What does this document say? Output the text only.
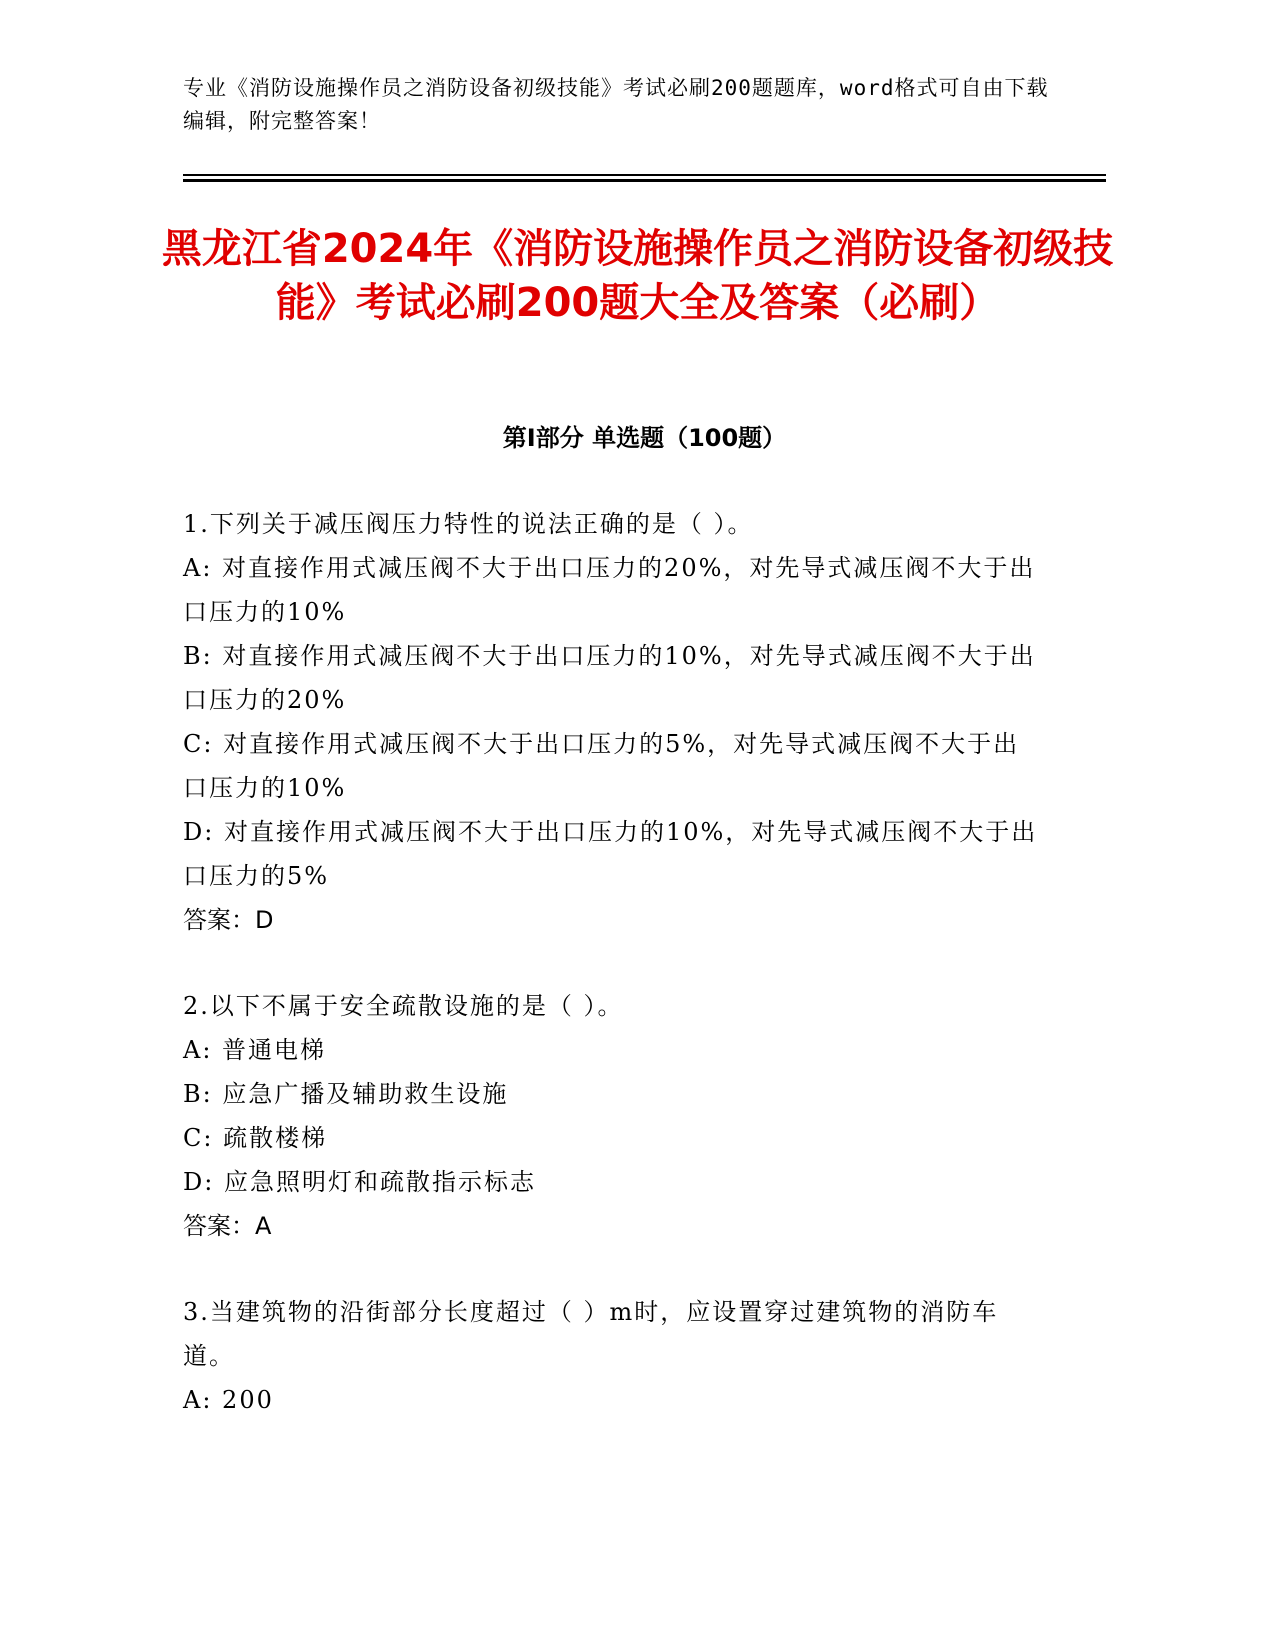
专业《消防设施操作员之消防设备初级技能》考试必刷200题题库，word格式可自由下载编辑，附完整答案！
黑龙江省2024年《消防设施操作员之消防设备初级技能》考试必刷200题大全及答案（必刷）
第Ⅰ部分 单选题（100题）
1.下列关于减压阀压力特性的说法正确的是（ ）。
A: 对直接作用式减压阀不大于出口压力的20%，对先导式减压阀不大于出口压力的10%
B: 对直接作用式减压阀不大于出口压力的10%，对先导式减压阀不大于出口压力的20%
C: 对直接作用式减压阀不大于出口压力的5%，对先导式减压阀不大于出口压力的10%
D: 对直接作用式减压阀不大于出口压力的10%，对先导式减压阀不大于出口压力的5%
答案：D
2.以下不属于安全疏散设施的是（ ）。
A: 普通电梯
B: 应急广播及辅助救生设施
C: 疏散楼梯
D: 应急照明灯和疏散指示标志
答案：A
3.当建筑物的沿街部分长度超过（ ）m时，应设置穿过建筑物的消防车道。
A: 200
